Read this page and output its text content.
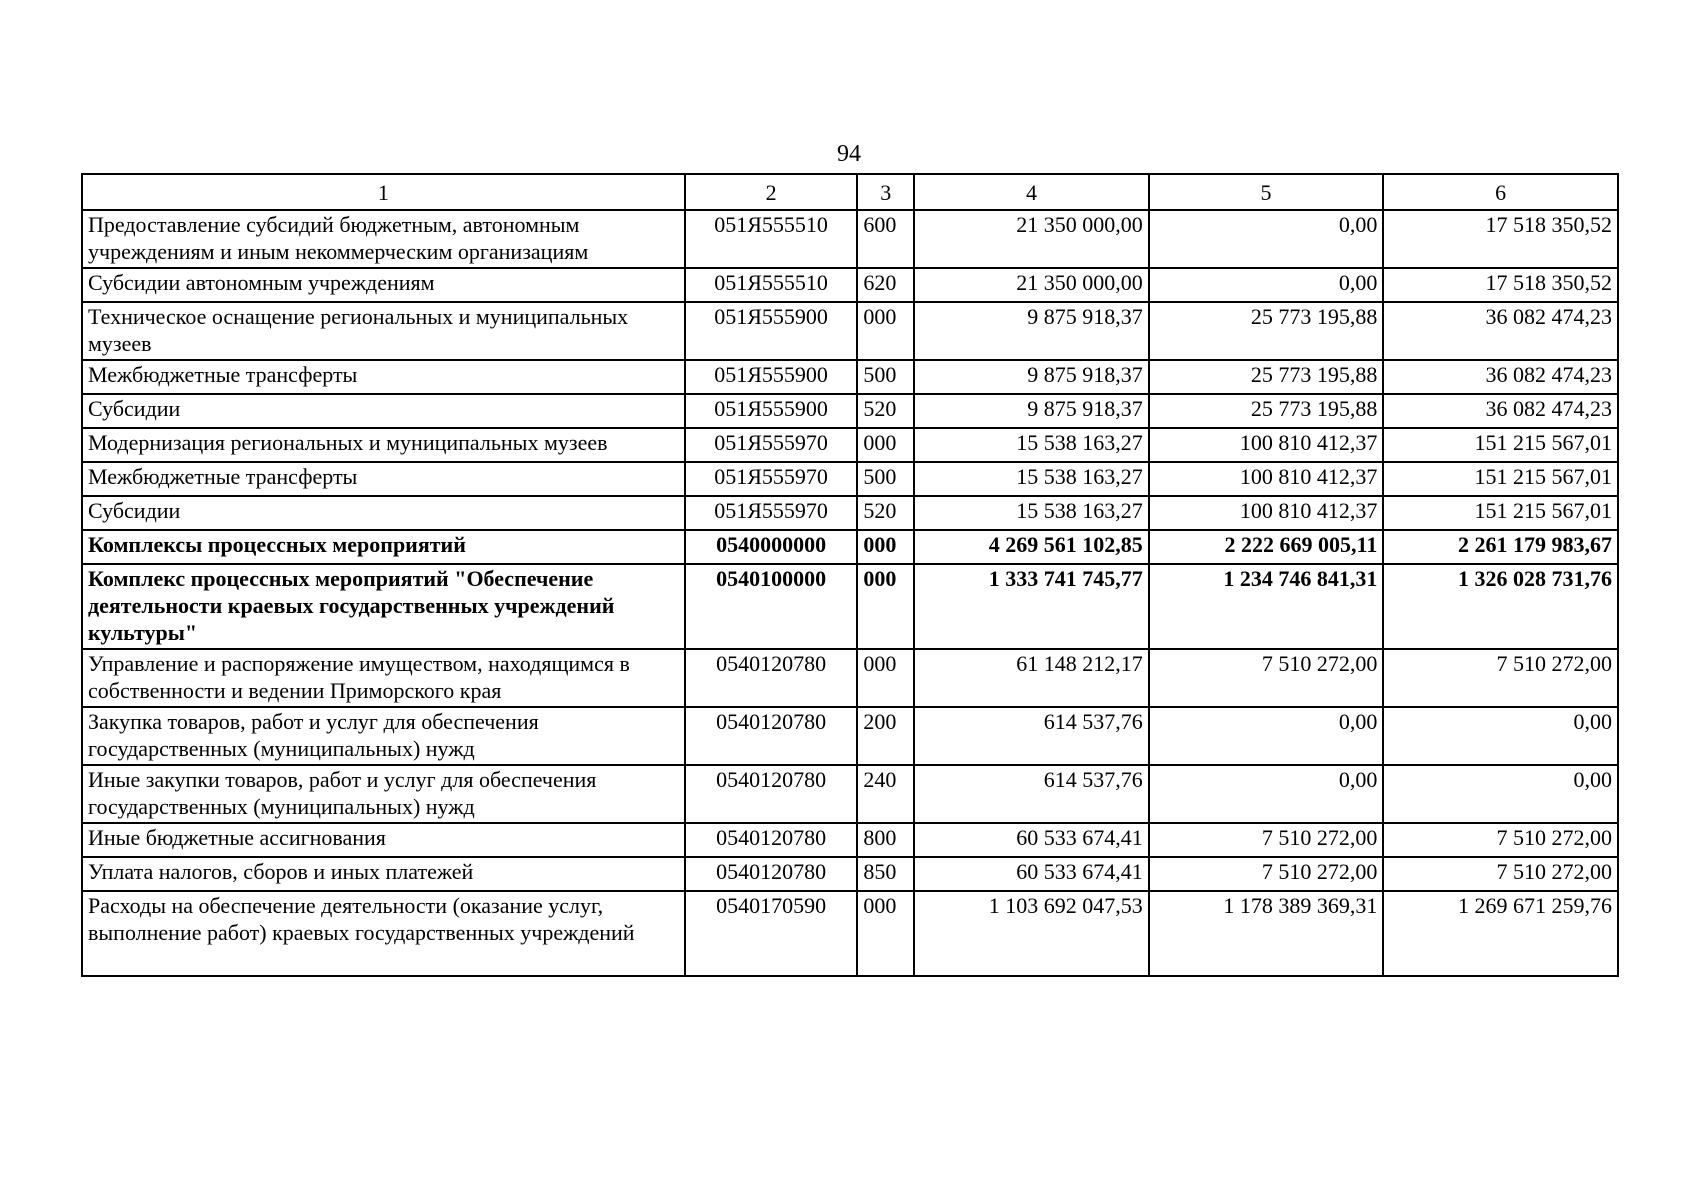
94
1	2	3	4	5	6
Предоставление субсидий бюджетным, автономным учреждениям и иным некоммерческим организациям	051Я555510	600	21 350 000,00	0,00	17 518 350,52
Субсидии автономным учреждениям	051Я555510	620	21 350 000,00	0,00	17 518 350,52
Техническое оснащение региональных и муниципальных музеев	051Я555900	000	9 875 918,37	25 773 195,88	36 082 474,23
Межбюджетные трансферты	051Я555900	500	9 875 918,37	25 773 195,88	36 082 474,23
Субсидии	051Я555900	520	9 875 918,37	25 773 195,88	36 082 474,23
Модернизация региональных и муниципальных музеев	051Я555970	000	15 538 163,27	100 810 412,37	151 215 567,01
Межбюджетные трансферты	051Я555970	500	15 538 163,27	100 810 412,37	151 215 567,01
Субсидии	051Я555970	520	15 538 163,27	100 810 412,37	151 215 567,01
Комплексы процессных мероприятий	0540000000	000	4 269 561 102,85	2 222 669 005,11	2 261 179 983,67
Комплекс процессных мероприятий "Обеспечение деятельности краевых государственных учреждений культуры"	0540100000	000	1 333 741 745,77	1 234 746 841,31	1 326 028 731,76
Управление и распоряжение имуществом, находящимся в собственности и ведении Приморского края	0540120780	000	61 148 212,17	7 510 272,00	7 510 272,00
Закупка товаров, работ и услуг для обеспечения государственных (муниципальных) нужд	0540120780	200	614 537,76	0,00	0,00
Иные закупки товаров, работ и услуг для обеспечения государственных (муниципальных) нужд	0540120780	240	614 537,76	0,00	0,00
Иные бюджетные ассигнования	0540120780	800	60 533 674,41	7 510 272,00	7 510 272,00
Уплата налогов, сборов и иных платежей	0540120780	850	60 533 674,41	7 510 272,00	7 510 272,00
Расходы на обеспечение деятельности (оказание услуг, выполнение работ) краевых государственных учреждений	0540170590	000	1 103 692 047,53	1 178 389 369,31	1 269 671 259,76
